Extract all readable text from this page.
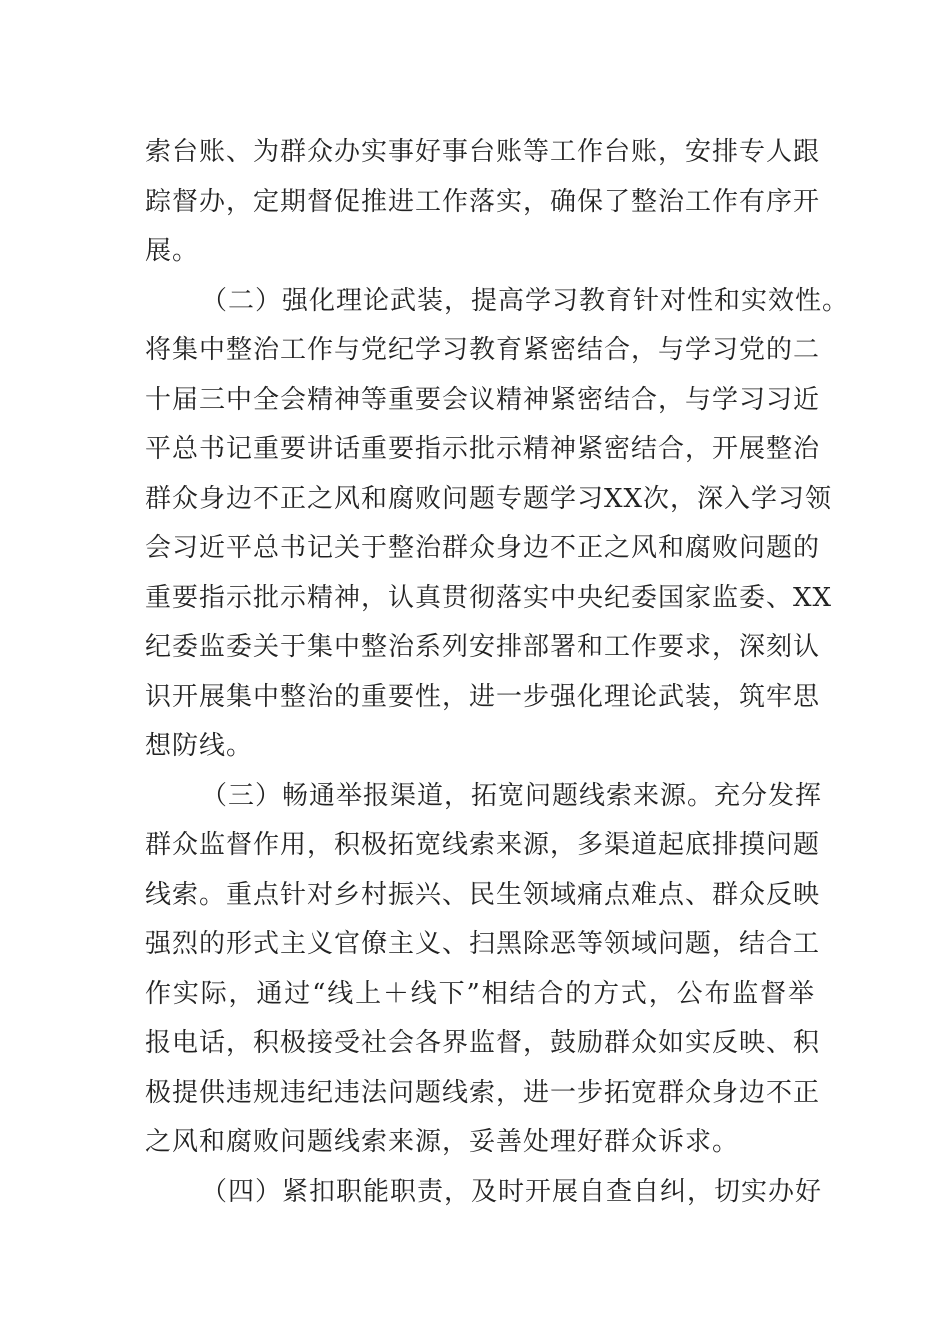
索台账、为群众办实事好事台账等工作台账，安排专人跟

踪督办，定期督促推进工作落实，确保了整治工作有序开

展。

（二）强化理论武装，提高学习教育针对性和实效性。

将集中整治工作与党纪学习教育紧密结合，与学习党的二

十届三中全会精神等重要会议精神紧密结合，与学习习近

平总书记重要讲话重要指示批示精神紧密结合，开展整治

群众身边不正之风和腐败问题专题学习XX次，深入学习领

会习近平总书记关于整治群众身边不正之风和腐败问题的

重要指示批示精神，认真贯彻落实中央纪委国家监委、XX

纪委监委关于集中整治系列安排部署和工作要求，深刻认

识开展集中整治的重要性，进一步强化理论武装，筑牢思

想防线。

（三）畅通举报渠道，拓宽问题线索来源。充分发挥

群众监督作用，积极拓宽线索来源，多渠道起底排摸问题

线索。重点针对乡村振兴、民生领域痛点难点、群众反映

强烈的形式主义官僚主义、扫黑除恶等领域问题，结合工

作实际，通过“线上＋线下”相结合的方式，公布监督举

报电话，积极接受社会各界监督，鼓励群众如实反映、积

极提供违规违纪违法问题线索，进一步拓宽群众身边不正

之风和腐败问题线索来源，妥善处理好群众诉求。

（四）紧扣职能职责，及时开展自查自纠，切实办好
